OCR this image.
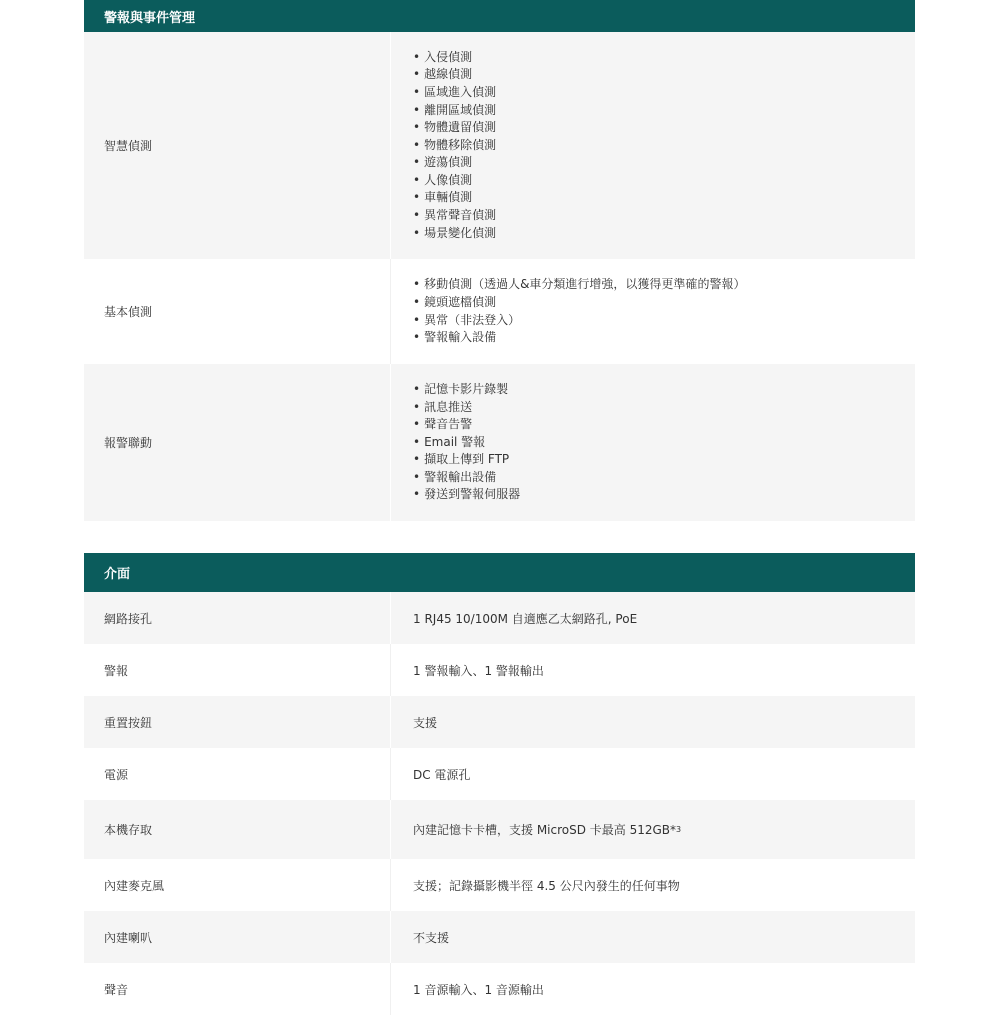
警報與事件管理
智慧偵測
• 入侵偵測
• 越線偵測
• 區域進入偵測
• 離開區域偵測
• 物體遺留偵測
• 物體移除偵測
• 遊蕩偵測
• 人像偵測
• 車輛偵測
• 異常聲音偵測
• 場景變化偵測
基本偵測
• 移動偵測（透過人&車分類進行增強，以獲得更準確的警報）
• 鏡頭遮檔偵測
• 異常（非法登入）
• 警報輸入設備
報警聯動
• 記憶卡影片錄製
• 訊息推送
• 聲音告警
• Email 警報
• 擷取上傳到 FTP
• 警報輸出設備
• 發送到警報伺服器
介面
網路接孔	1 RJ45 10/100M 自適應乙太網路孔, PoE
警報	1 警報輸入、1 警報輸出
重置按鈕	支援
電源	DC 電源孔
本機存取	內建記憶卡卡槽，支援 MicroSD 卡最高 512GB* 3
內建麥克風	支援；記錄攝影機半徑 4.5 公尺內發生的任何事物
內建喇叭	不支援
聲音	1 音源輸入、1 音源輸出
